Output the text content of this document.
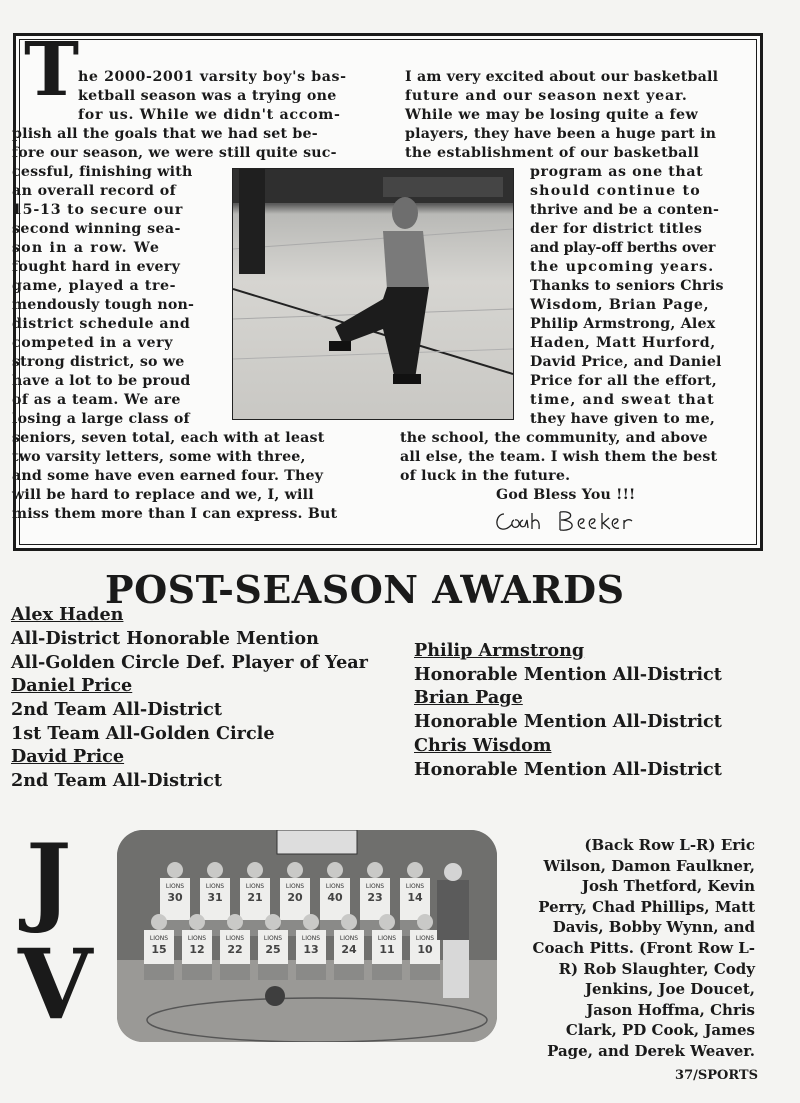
T

he 2000-2001 varsity boy's bas-

ketball season was a trying one

for us. While we didn't accom-

plish all the goals that we had set be-

fore our season, we were still quite suc-

cessful, finishing with

an overall record of

15-13 to secure our

second winning sea-

son in a row. We

fought hard in every

game, played a tre-

mendously tough non-

district schedule and

competed in a very

strong district, so we

have a lot to be proud

of as a team. We are

losing a large class of

seniors, seven total, each with at least

two varsity letters, some with three,

and some have even earned four. They

will be hard to replace and we, I, will

miss them more than I can express. But

I am very excited about our basketball

future and our season next year.

While we may be losing quite a few

players, they have been a huge part in

the establishment of our basketball

program as one that

should continue to

thrive and be a conten-

der for district titles

and play-off berths over

the upcoming years.

Thanks to seniors Chris

Wisdom, Brian Page,

Philip Armstrong, Alex

Haden, Matt Hurford,

David Price, and Daniel

Price for all the effort,

time, and sweat that

they have given to me,

the school, the community, and above

all else, the team. I wish them the best

of luck in the future.

God Bless You !!!

POST-SEASON AWARDS

Alex Haden

All-District Honorable Mention

All-Golden Circle Def. Player of Year

Daniel Price

2nd Team All-District

1st Team All-Golden Circle

David Price

2nd Team All-District

Philip Armstrong

Honorable Mention All-District

Brian Page

Honorable Mention All-District

Chris Wisdom

Honorable Mention All-District

J
V
LIONS
30
LIONS
31
LIONS
21
LIONS
20
LIONS
40
LIONS
23
LIONS
14
LIONS
15
LIONS
12
LIONS
22
LIONS
25
LIONS
13
LIONS
24
LIONS
11
LIONS
10

(Back Row L-R) Eric
Wilson, Damon Faulkner,
Josh Thetford, Kevin
Perry, Chad Phillips, Matt
Davis, Bobby Wynn, and
Coach Pitts. (Front Row L-
R) Rob Slaughter, Cody
Jenkins, Joe Doucet,
Jason Hoffma, Chris
Clark, PD Cook, James
Page, and Derek Weaver.

37/SPORTS
